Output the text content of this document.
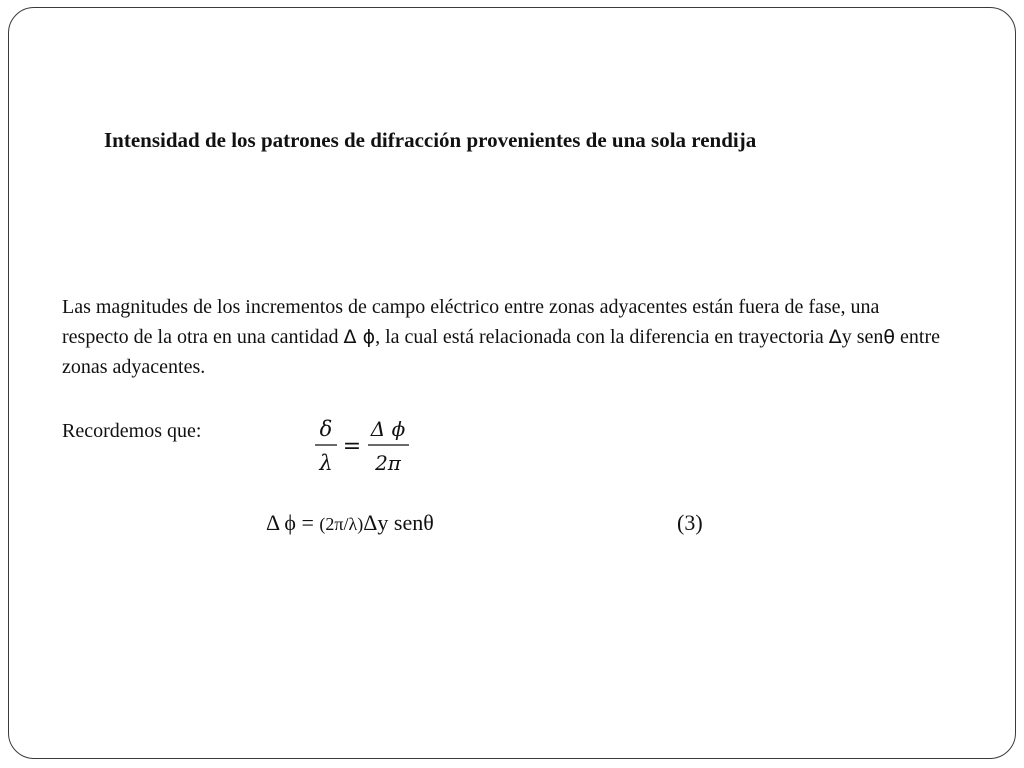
Intensidad de los patrones de difracción provenientes de una sola rendija
Las magnitudes de los incrementos de campo eléctrico entre zonas adyacentes están fuera de fase, una respecto de la otra en una cantidad Δ ϕ, la cual está relacionada con la diferencia en trayectoria Δy senθ entre zonas adyacentes.
Recordemos que:	δ
λ
=
Δ ϕ
2π
Δ ϕ = (2π/λ)Δy senθ	(3)
